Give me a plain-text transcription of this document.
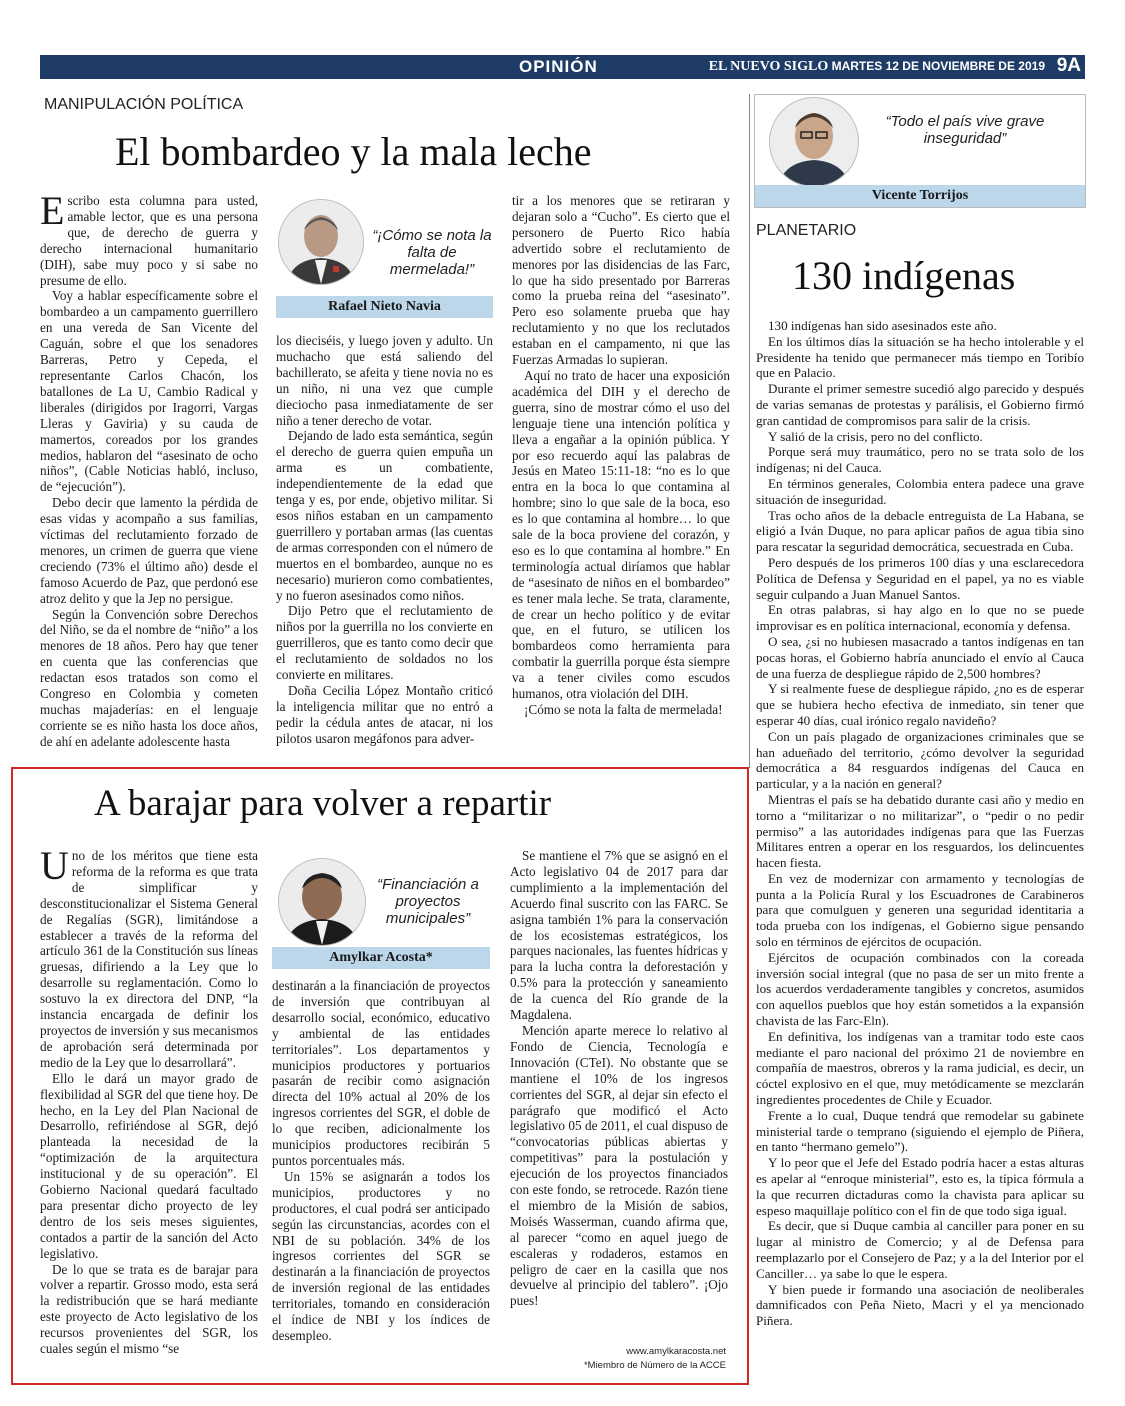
OPINIÓN	EL NUEVO SIGLO MARTES 12 DE NOVIEMBRE DE 2019 9A
MANIPULACIÓN POLÍTICA
El bombardeo y la mala leche

Escribo esta columna para usted, amable lector, que es una persona que, de derecho de guerra y derecho internacional humanitario (DIH), sabe muy poco y si sabe no presume de ello.

Voy a hablar específicamente sobre el bombardeo a un campamento guerrillero en una vereda de San Vicente del Caguán, sobre el que los senadores Barreras, Petro y Cepeda, el representante Carlos Chacón, los batallones de La U, Cambio Radical y liberales (dirigidos por Iragorri, Vargas Lleras y Gaviria) y su cauda de mamertos, coreados por los grandes medios, hablaron del “asesinato de ocho niños”, (Cable Noticias habló, incluso, de “ejecución”).

Debo decir que lamento la pérdida de esas vidas y acompaño a sus familias, víctimas del reclutamiento forzado de menores, un crimen de guerra que viene creciendo (73% el último año) desde el famoso Acuerdo de Paz, que perdonó ese atroz delito y que la Jep no persigue.

Según la Convención sobre Derechos del Niño, se da el nombre de “niño” a los menores de 18 años. Pero hay que tener en cuenta que las conferencias que redactan esos tratados son como el Congreso en Colombia y cometen muchas majaderías: en el lenguaje corriente se es niño hasta los doce años, de ahí en adelante adolescente hasta

“¡Cómo se nota la falta de mermelada!”
Rafael Nieto Navia

los dieciséis, y luego joven y adulto. Un muchacho que está saliendo del bachillerato, se afeita y tiene novia no es un niño, ni una vez que cumple dieciocho pasa inmediatamente de ser niño a tener derecho de votar.

Dejando de lado esta semántica, según el derecho de guerra quien empuña un arma es un combatiente, independientemente de la edad que tenga y es, por ende, objetivo militar. Si esos niños estaban en un campamento guerrillero y portaban armas (las cuentas de armas corresponden con el número de muertos en el bombardeo, aunque no es necesario) murieron como combatientes, y no fueron asesinados como niños.

Dijo Petro que el reclutamiento de niños por la guerrilla no los convierte en guerrilleros, que es tanto como decir que el reclutamiento de soldados no los convierte en militares.

Doña Cecilia López Montaño criticó la inteligencia militar que no entró a pedir la cédula antes de atacar, ni los pilotos usaron megáfonos para adver-

tir a los menores que se retiraran y dejaran solo a “Cucho”. Es cierto que el personero de Puerto Rico había advertido sobre el reclutamiento de menores por las disidencias de las Farc, lo que ha sido presentado por Barreras como la prueba reina del “asesinato”. Pero eso solamente prueba que hay reclutamiento y no que los reclutados estaban en el campamento, ni que las Fuerzas Armadas lo supieran.

Aquí no trato de hacer una exposición académica del DIH y el derecho de guerra, sino de mostrar cómo el uso del lenguaje tiene una intención política y lleva a engañar a la opinión pública. Y por eso recuerdo aquí las palabras de Jesús en Mateo 15:11-18: “no es lo que entra en la boca lo que contamina al hombre; sino lo que sale de la boca, eso es lo que contamina al hombre… lo que sale de la boca proviene del corazón, y eso es lo que contamina al hombre.” En terminología actual diríamos que hablar de “asesinato de niños en el bombardeo” es tener mala leche. Se trata, claramente, de crear un hecho político y de evitar que, en el futuro, se utilicen los bombardeos como herramienta para combatir la guerrilla porque ésta siempre va a tener civiles como escudos humanos, otra violación del DIH.

¡Cómo se nota la falta de mermelada!

“Todo el país vive grave inseguridad”
Vicente Torrijos
PLANETARIO
130 indígenas

130 indígenas han sido asesinados este año.

En los últimos días la situación se ha hecho intolerable y el Presidente ha tenido que permanecer más tiempo en Toribío que en Palacio.

Durante el primer semestre sucedió algo parecido y después de varias semanas de protestas y parálisis, el Gobierno firmó gran cantidad de compromisos para salir de la crisis.

Y salió de la crisis, pero no del conflicto.

Porque será muy traumático, pero no se trata solo de los indígenas; ni del Cauca.

En términos generales, Colombia entera padece una grave situación de inseguridad.

Tras ocho años de la debacle entreguista de La Habana, se eligió a Iván Duque, no para aplicar paños de agua tibia sino para rescatar la seguridad democrática, secuestrada en Cuba.

Pero después de los primeros 100 días y una esclarecedora Política de Defensa y Seguridad en el papel, ya no es viable seguir culpando a Juan Manuel Santos.

En otras palabras, si hay algo en lo que no se puede improvisar es en política internacional, economía y defensa.

O sea, ¿si no hubiesen masacrado a tantos indígenas en tan pocas horas, el Gobierno habría anunciado el envío al Cauca de una fuerza de despliegue rápido de 2,500 hombres?

Y si realmente fuese de despliegue rápido, ¿no es de esperar que se hubiera hecho efectiva de inmediato, sin tener que esperar 40 días, cual irónico regalo navideño?

Con un país plagado de organizaciones criminales que se han adueñado del territorio, ¿cómo devolver la seguridad democrática a 84 resguardos indígenas del Cauca en particular, y a la nación en general?

Mientras el país se ha debatido durante casi año y medio en torno a “militarizar o no militarizar”, o “pedir o no pedir permiso” a las autoridades indígenas para que las Fuerzas Militares entren a operar en los resguardos, los delincuentes hacen fiesta.

En vez de modernizar con armamento y tecnologías de punta a la Policía Rural y los Escuadrones de Carabineros para que comulguen y generen una seguridad identitaria a toda prueba con los indígenas, el Gobierno sigue pensando solo en términos de ejércitos de ocupación.

Ejércitos de ocupación combinados con la coreada inversión social integral (que no pasa de ser un mito frente a los acuerdos verdaderamente tangibles y concretos, asumidos con aquellos pueblos que hoy están sometidos a la expansión chavista de las Farc-Eln).

En definitiva, los indígenas van a tramitar todo este caos mediante el paro nacional del próximo 21 de noviembre en compañía de maestros, obreros y la rama judicial, es decir, un cóctel explosivo en el que, muy metódicamente se mezclarán ingredientes procedentes de Chile y Ecuador.

Frente a lo cual, Duque tendrá que remodelar su gabinete ministerial tarde o temprano (siguiendo el ejemplo de Piñera, en tanto “hermano gemelo”).

Y lo peor que el Jefe del Estado podría hacer a estas alturas es apelar al “enroque ministerial”, esto es, la típica fórmula a la que recurren dictaduras como la chavista para aplicar su espeso maquillaje político con el fin de que todo siga igual.

Es decir, que si Duque cambia al canciller para poner en su lugar al ministro de Comercio; y al de Defensa para reemplazarlo por el Consejero de Paz; y a la del Interior por el Canciller… ya sabe lo que le espera.

Y bien puede ir formando una asociación de neoliberales damnificados con Peña Nieto, Macri y el ya mencionado Piñera.

A barajar para volver a repartir

Uno de los méritos que tiene esta reforma de la reforma es que trata de simplificar y desconstitucionalizar el Sistema General de Regalías (SGR), limitándose a establecer a través de la reforma del artículo 361 de la Constitución sus líneas gruesas, difiriendo a la Ley que lo desarrolle su reglamentación. Como lo sostuvo la ex directora del DNP, “la instancia encargada de definir los proyectos de inversión y sus mecanismos de aprobación será determinada por medio de la Ley que lo desarrollará”.

Ello le dará un mayor grado de flexibilidad al SGR del que tiene hoy. De hecho, en la Ley del Plan Nacional de Desarrollo, refiriéndose al SGR, dejó planteada la necesidad de la “optimización de la arquitectura institucional y de su operación”. El Gobierno Nacional quedará facultado para presentar dicho proyecto de ley dentro de los seis meses siguientes, contados a partir de la sanción del Acto legislativo.

De lo que se trata es de barajar para volver a repartir. Grosso modo, esta será la redistribución que se hará mediante este proyecto de Acto legislativo de los recursos provenientes del SGR, los cuales según el mismo “se

“Financiación a proyectos municipales”
Amylkar Acosta*

destinarán a la financiación de proyectos de inversión que contribuyan al desarrollo social, económico, educativo y ambiental de las entidades territoriales”. Los departamentos y municipios productores y portuarios pasarán de recibir como asignación directa del 10% actual al 20% de los ingresos corrientes del SGR, el doble de lo que reciben, adicionalmente los municipios productores recibirán 5 puntos porcentuales más.

Un 15% se asignarán a todos los municipios, productores y no productores, el cual podrá ser anticipado según las circunstancias, acordes con el NBI de su población. 34% de los ingresos corrientes del SGR se destinarán a la financiación de proyectos de inversión regional de las entidades territoriales, tomando en consideración el índice de NBI y los índices de desempleo.

Se mantiene el 7% que se asignó en el Acto legislativo 04 de 2017 para dar cumplimiento a la implementación del Acuerdo final suscrito con las FARC. Se asigna también 1% para la conservación de los ecosistemas estratégicos, los parques nacionales, las fuentes hídricas y para la lucha contra la deforestación y 0.5% para la protección y saneamiento de la cuenca del Río grande de la Magdalena.

Mención aparte merece lo relativo al Fondo de Ciencia, Tecnología e Innovación (CTeI). No obstante que se mantiene el 10% de los ingresos corrientes del SGR, al dejar sin efecto el parágrafo que modificó el Acto legislativo 05 de 2011, el cual dispuso de “convocatorias públicas abiertas y competitivas” para la postulación y ejecución de los proyectos financiados con este fondo, se retrocede. Razón tiene el miembro de la Misión de sabios, Moisés Wasserman, cuando afirma que, al parecer “como en aquel juego de escaleras y rodaderos, estamos en peligro de caer en la casilla que nos devuelve al principio del tablero”. ¡Ojo pues!

www.amylkaracosta.net
*Miembro de Número de la ACCE
